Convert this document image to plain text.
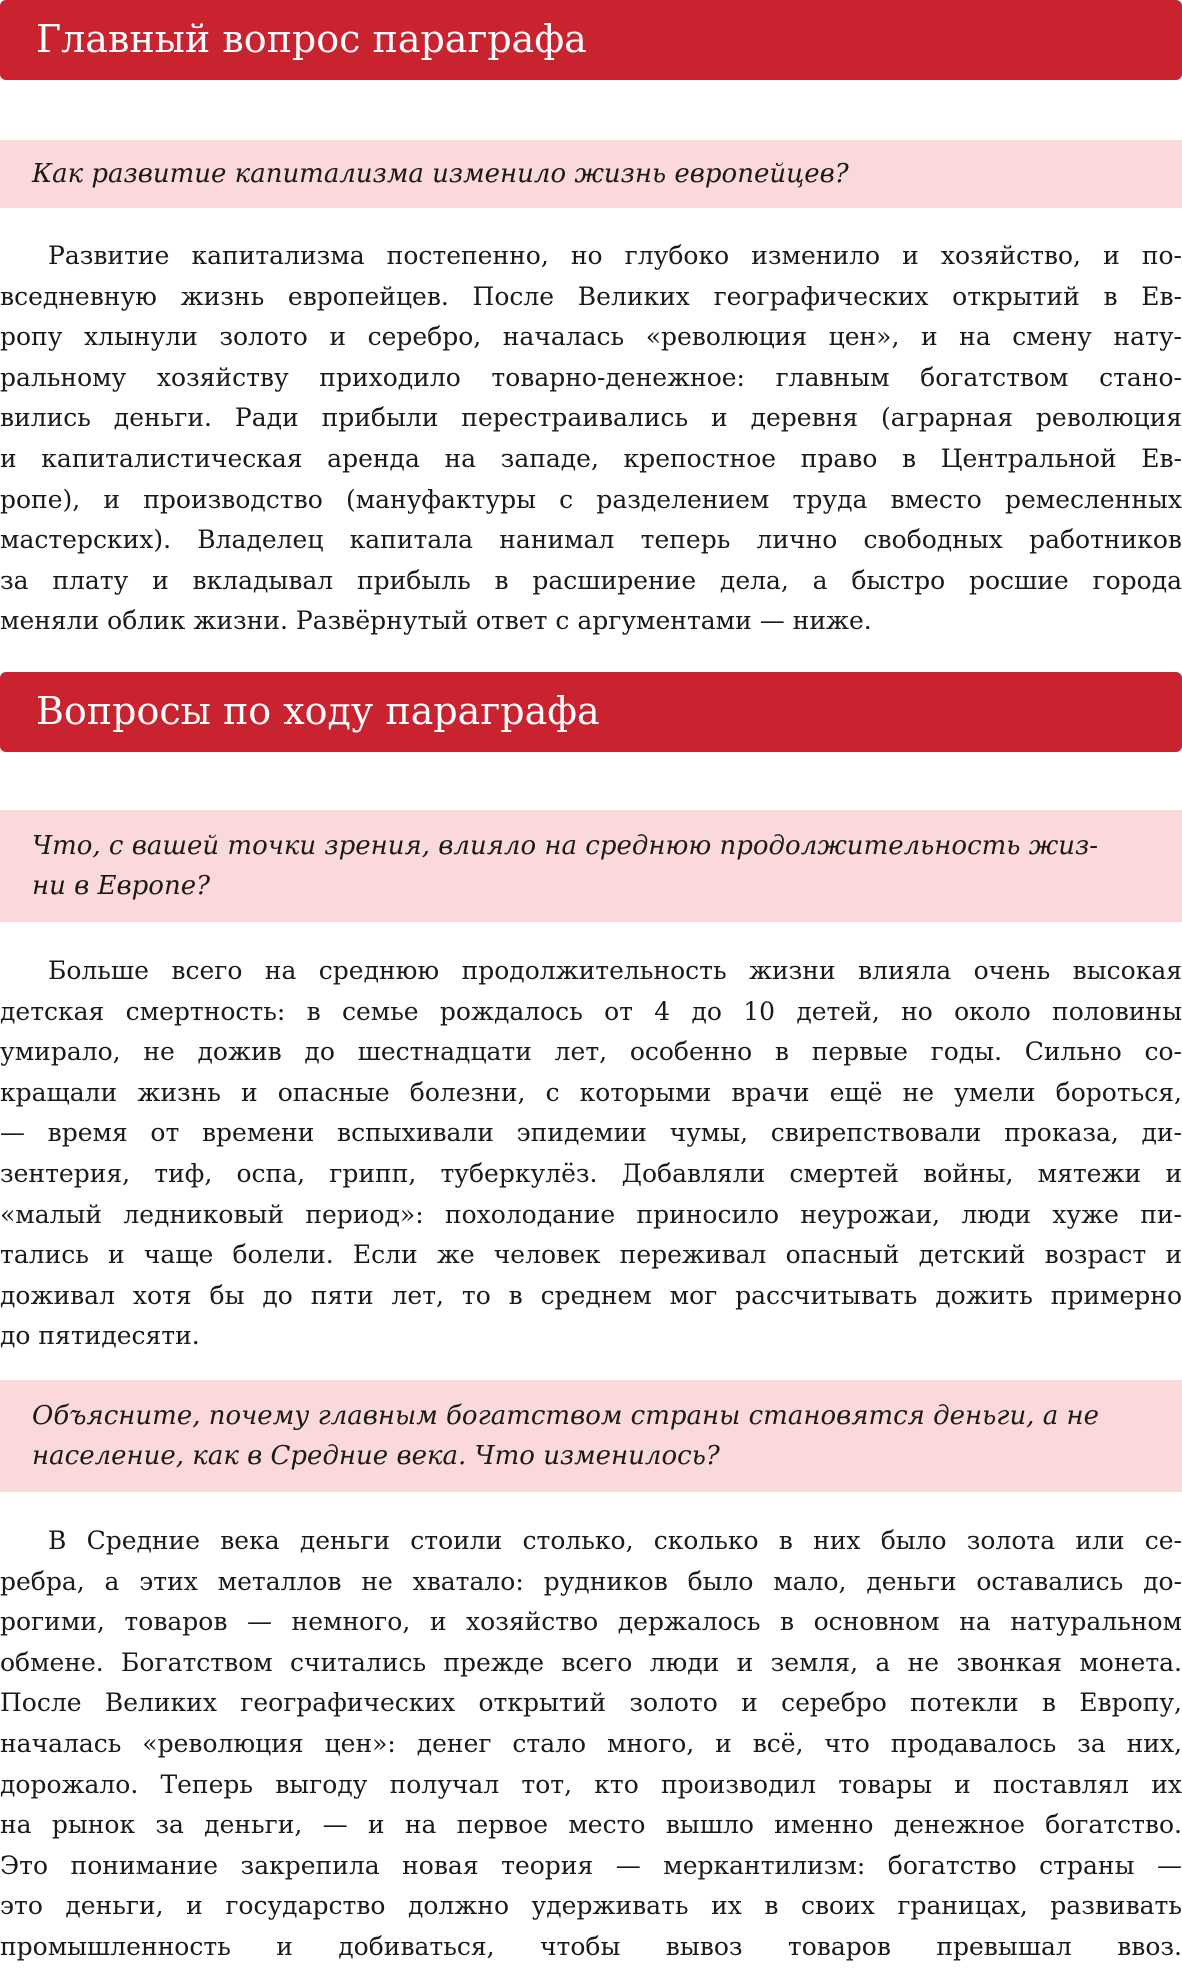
Главный вопрос параграфа
Как развитие капитализма изменило жизнь европейцев?
Развитие капитализма постепенно, но глубоко изменило и хозяйство, и по-
вседневную жизнь европейцев. После Великих географических открытий в Ев-
ропу хлынули золото и серебро, началась «революция цен», и на смену нату-
ральному хозяйству приходило товарно-денежное: главным богатством стано-
вились деньги. Ради прибыли перестраивались и деревня (аграрная революция
и капиталистическая аренда на западе, крепостное право в Центральной Ев-
ропе), и производство (мануфактуры с разделением труда вместо ремесленных
мастерских). Владелец капитала нанимал теперь лично свободных работников
за плату и вкладывал прибыль в расширение дела, а быстро росшие города
меняли облик жизни. Развёрнутый ответ с аргументами — ниже.
Вопросы по ходу параграфа
Что, с вашей точки зрения, влияло на среднюю продолжительность жиз-
ни в Европе?
Больше всего на среднюю продолжительность жизни влияла очень высокая
детская смертность: в семье рождалось от 4 до 10 детей, но около половины
умирало, не дожив до шестнадцати лет, особенно в первые годы. Сильно со-
кращали жизнь и опасные болезни, с которыми врачи ещё не умели бороться,
— время от времени вспыхивали эпидемии чумы, свирепствовали проказа, ди-
зентерия, тиф, оспа, грипп, туберкулёз. Добавляли смертей войны, мятежи и
«малый ледниковый период»: похолодание приносило неурожаи, люди хуже пи-
тались и чаще болели. Если же человек переживал опасный детский возраст и
доживал хотя бы до пяти лет, то в среднем мог рассчитывать дожить примерно
до пятидесяти.
Объясните, почему главным богатством страны становятся деньги, а не
население, как в Средние века. Что изменилось?
В Средние века деньги стоили столько, сколько в них было золота или се-
ребра, а этих металлов не хватало: рудников было мало, деньги оставались до-
рогими, товаров — немного, и хозяйство держалось в основном на натуральном
обмене. Богатством считались прежде всего люди и земля, а не звонкая монета.
После Великих географических открытий золото и серебро потекли в Европу,
началась «революция цен»: денег стало много, и всё, что продавалось за них,
дорожало. Теперь выгоду получал тот, кто производил товары и поставлял их
на рынок за деньги, — и на первое место вышло именно денежное богатство.
Это понимание закрепила новая теория — меркантилизм: богатство страны —
это деньги, и государство должно удерживать их в своих границах, развивать
промышленность и добиваться, чтобы вывоз товаров превышал ввоз.
